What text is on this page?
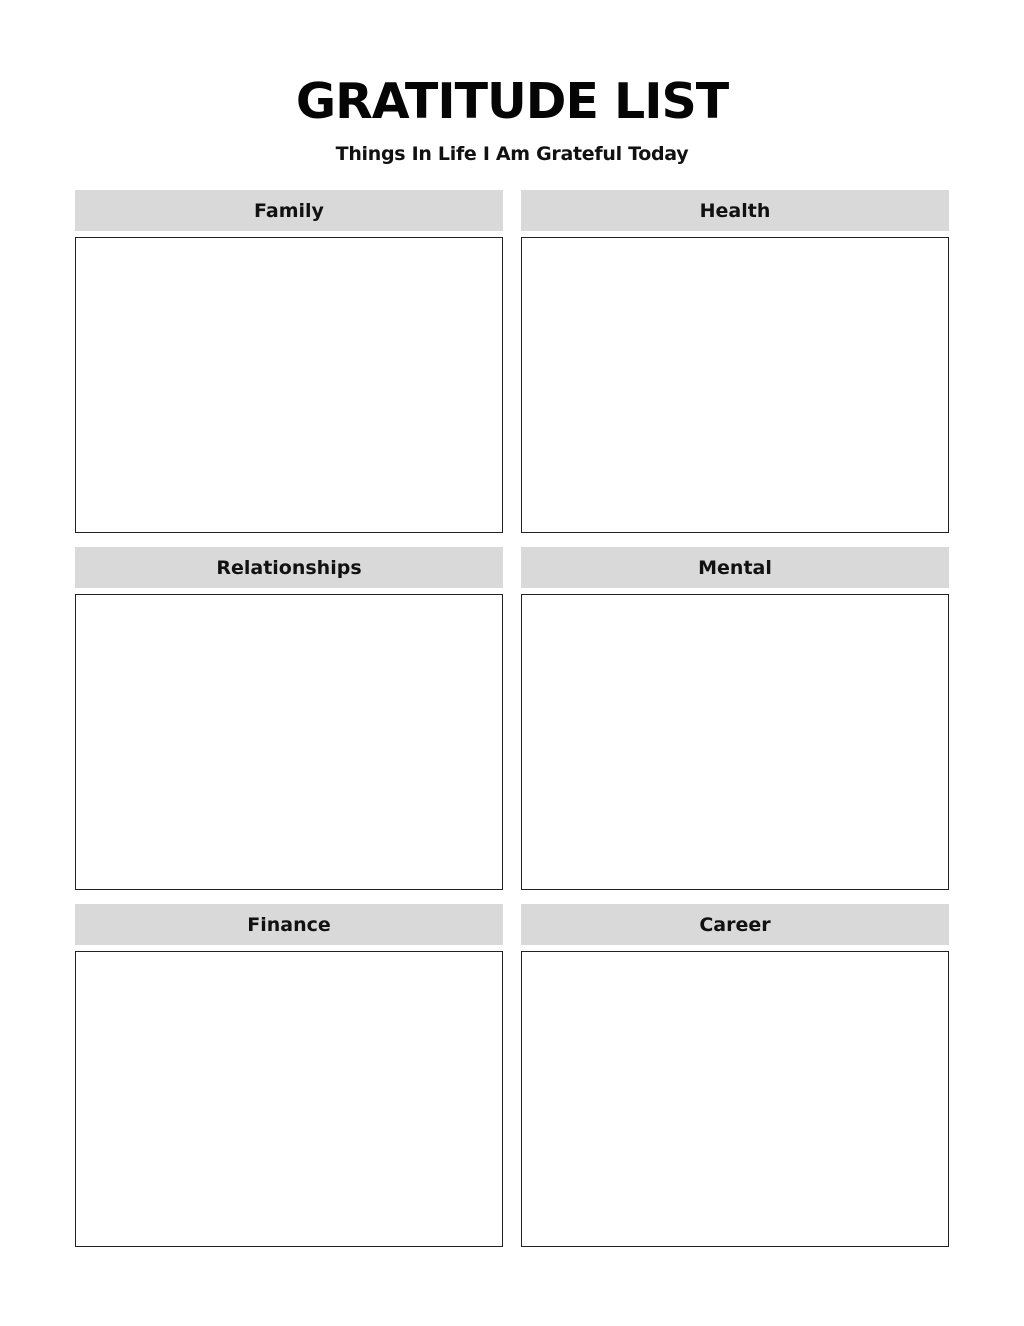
GRATITUDE LIST

Things In Life I Am Grateful Today

Family	Health
Relationships	Mental
Finance	Career
